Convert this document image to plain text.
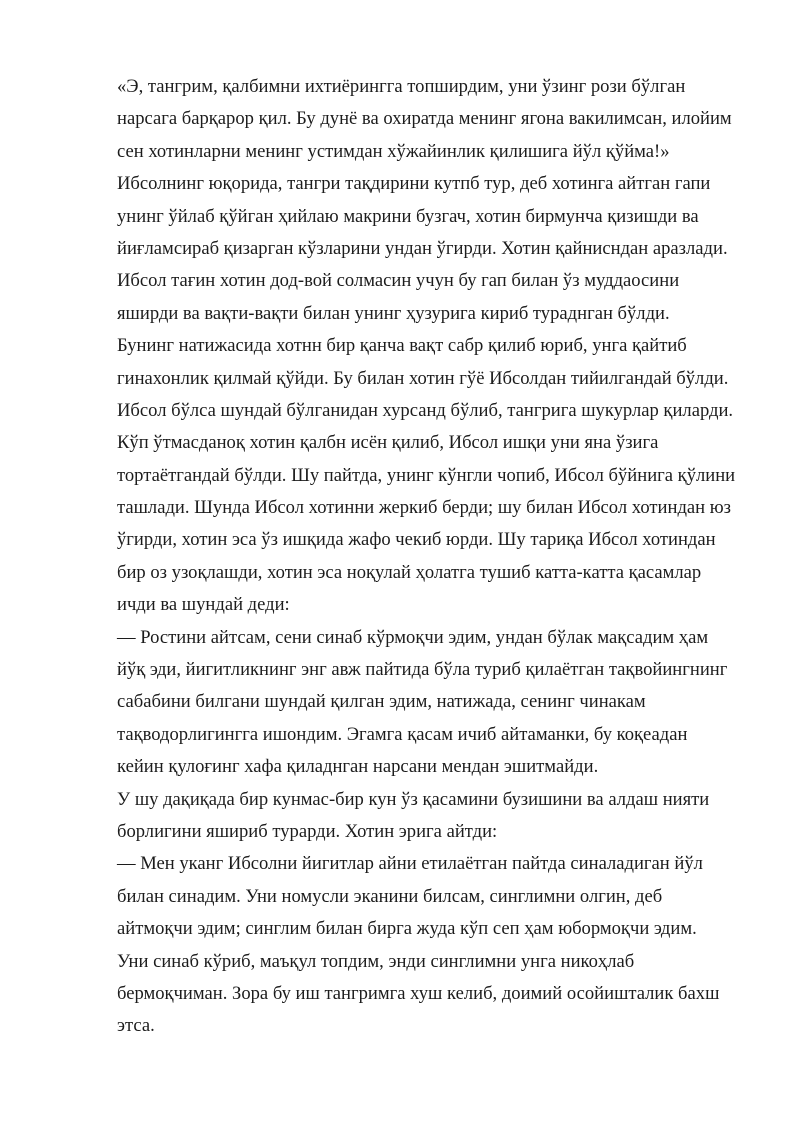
«Э, тангрим, қалбимни ихтиёрингга топширдим, уни ўзинг рози бўлган
нарсага барқарор қил. Бу дунё ва охиратда менинг ягона вакилимсан, илойим
сен хотинларни менинг устимдан хўжайинлик қилишига йўл қўйма!»
Ибсолнинг юқорида, тангри тақдирини кутпб тур, деб хотинга айтган гапи
унинг ўйлаб қўйган ҳийлаю макрини бузгач, хотин бирмунча қизишди ва
йиғламсираб қизарган кўзларини ундан ўгирди. Хотин қайнисндан аразлади.
Ибсол тағин хотин дод-вой солмасин учун бу гап билан ўз муддаосини
яширди ва вақти-вақти билан унинг ҳузурига кириб тураднган бўлди.
Бунинг натижасида хотнн бир қанча вақт сабр қилиб юриб, унга қайтиб
гинахонлик қилмай қўйди. Бу билан хотин гўё Ибсолдан тийилгандай бўлди.
Ибсол бўлса шундай бўлганидан хурсанд бўлиб, тангрига шукурлар қиларди.
Кўп ўтмасданоқ хотин қалбн исён қилиб, Ибсол ишқи уни яна ўзига
тортаётгандай бўлди. Шу пайтда, унинг кўнгли чопиб, Ибсол бўйнига қўлини
ташлади. Шунда Ибсол хотинни жеркиб берди; шу билан Ибсол хотиндан юз
ўгирди, хотин эса ўз ишқида жафо чекиб юрди. Шу тариқа Ибсол хотиндан
бир оз узоқлашди, хотин эса ноқулай ҳолатга тушиб катта-катта қасамлар
ичди ва шундай деди:
— Ростини айтсам, сени синаб кўрмоқчи эдим, ундан бўлак мақсадим ҳам
йўқ эди, йигитликнинг энг авж пайтида бўла туриб қилаётган тақвойингнинг
сабабини билгани шундай қилган эдим, натижада, сенинг чинакам
тақводорлигингга ишондим. Эгамга қасам ичиб айтаманки, бу коқеадан
кейин қулоғинг хафа қиладнган нарсани мендан эшитмайди.
У шу дақиқада бир кунмас-бир кун ўз қасамини бузишини ва алдаш нияти
борлигини яшириб турарди. Хотин эрига айтди:
— Мен уканг Ибсолни йигитлар айни етилаётган пайтда синаладиган йўл
билан синадим. Уни номусли эканини билсам, синглимни олгин, деб
айтмоқчи эдим; синглим билан бирга жуда кўп сеп ҳам юбормоқчи эдим.
Уни синаб кўриб, маъқул топдим, энди синглимни унга никоҳлаб
бермоқчиман. Зора бу иш тангримга хуш келиб, доимий осойишталик бахш
этса.
